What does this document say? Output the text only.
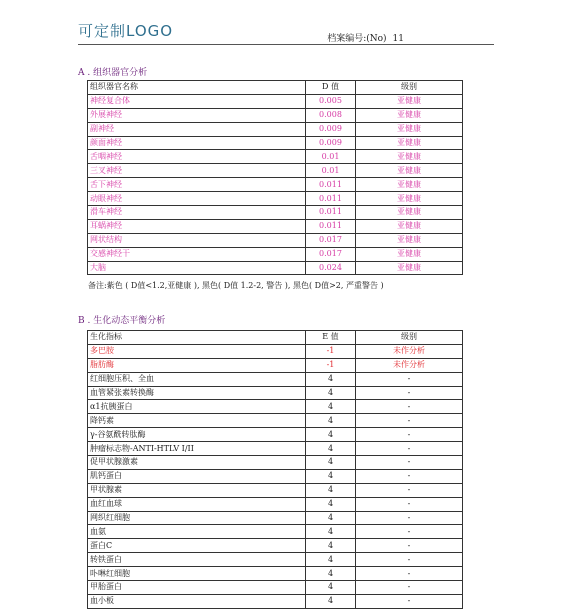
可定制LOGO	档案编号:(No) 11
A . 组织器官分析
组织器官名称	D 值	级别
神经复合体	0.005	亚健康
外展神经	0.008	亚健康
副神经	0.009	亚健康
颜面神经	0.009	亚健康
舌咽神经	0.01	亚健康
三叉神经	0.01	亚健康
舌下神经	0.011	亚健康
动眼神经	0.011	亚健康
滑车神经	0.011	亚健康
耳蜗神经	0.011	亚健康
网状结构	0.017	亚健康
交感神经干	0.017	亚健康
大脑	0.024	亚健康
备注:紫色 ( D值<1.2,亚健康 ), 黑色( D值 1.2-2, 警告 ), 黑色( D值>2, 严重警告 )
B . 生化动态平衡分析
生化指标	E 值	级别
多巴胺	-1	未作分析
脂肪酶	-1	未作分析
红细胞压积、全血	4	-
血管紧张素转换酶	4	-
α1抗胰蛋白	4	-
降钙素	4	-
γ-谷氨酰转肽酶	4	-
肿瘤标志物-ANTI-HTLV I/II	4	-
促甲状腺激素	4	-
肌钙蛋白	4	-
甲状腺素	4	-
血红血球	4	-
网织红细胞	4	-
血氨	4	-
蛋白C	4	-
转铁蛋白	4	-
卟啉红细胞	4	-
甲胎蛋白	4	-
血小板	4	-
